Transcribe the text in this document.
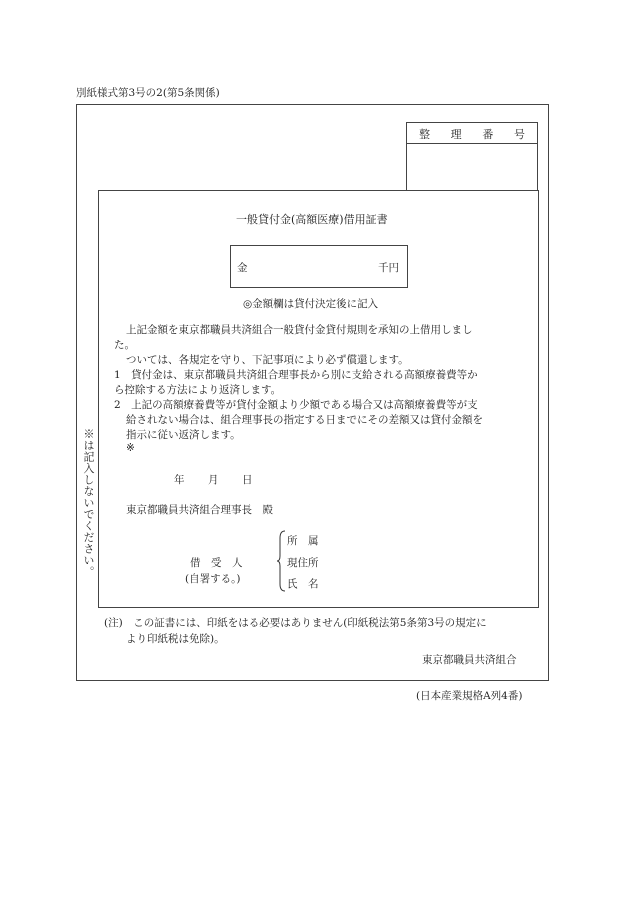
別紙様式第3号の2(第5条関係)
整　理　番　号
一般貸付金(高額医療)借用証書
金	千円
◎金額欄は貸付決定後に記入
上記金額を東京都職員共済組合一般貸付金貸付規則を承知の上借用しまし
た。
ついては、各規定を守り、下記事項により必ず償還します。
1　貸付金は、東京都職員共済組合理事長から別に支給される高額療養費等か
ら控除する方法により返済します。
2　上記の高額療養費等が貸付金額より少額である場合又は高額療養費等が支
給されない場合は、組合理事長の指定する日までにその差額又は貸付金額を
指示に従い返済します。
※
年 月 日
東京都職員共済組合理事長　殿
借　受　人
(自署する。)
所　属
現住所
氏　名
※は記入しないでください。
(注)　この証書には、印紙をはる必要はありません(印紙税法第5条第3号の規定に
より印紙税は免除)。
東京都職員共済組合
(日本産業規格A列4番)
